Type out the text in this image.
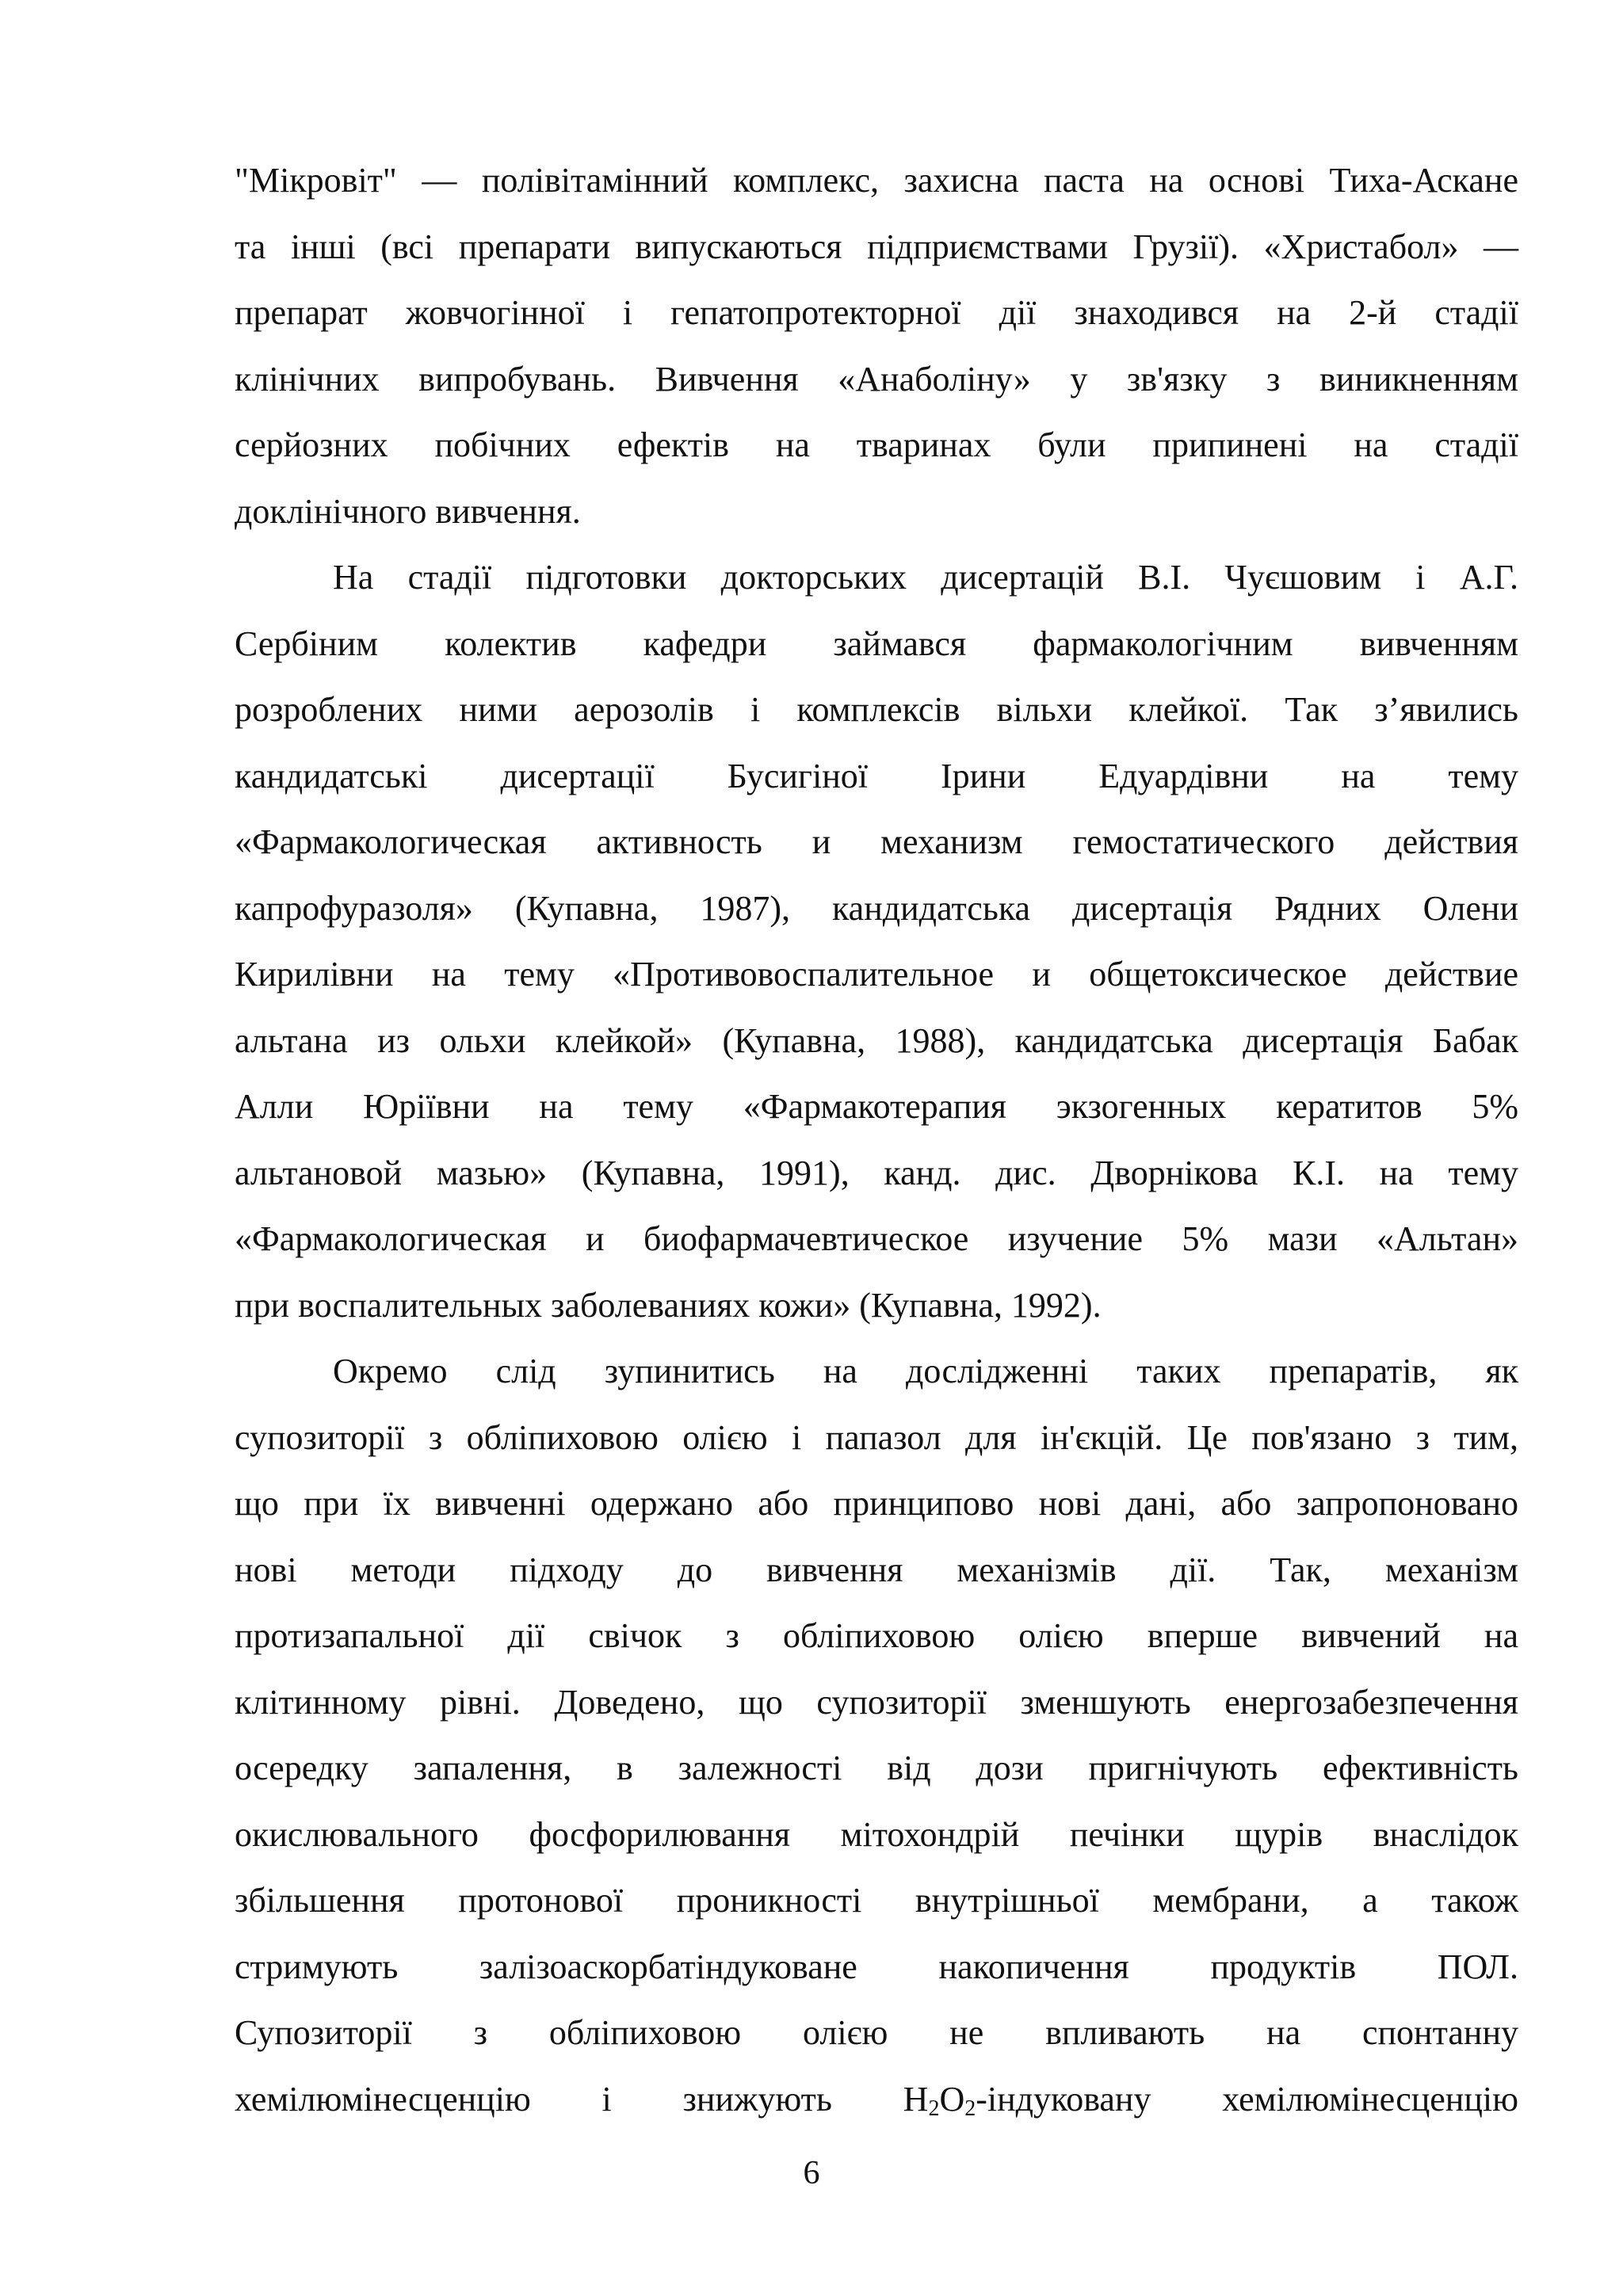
"Мікровіт" — полівітамінний комплекс, захисна паста на основі Тиха-Аскане
та інші (всі препарати випускаються підприємствами Грузії). «Христабол» —
препарат жовчогінної і гепатопротекторної дії знаходився на 2-й стадії
клінічних випробувань. Вивчення «Анаболіну» у зв'язку з виникненням
серйозних побічних ефектів на тваринах були припинені на стадії
доклінічного вивчення.
На стадії підготовки докторських дисертацій В.І. Чуєшовим і А.Г.
Сербіним колектив кафедри займався фармакологічним вивченням
розроблених ними аерозолів і комплексів вільхи клейкої. Так з’явились
кандидатські дисертації Бусигіної Ірини Едуардівни на тему
«Фармакологическая активность и механизм гемостатического действия
капрофуразоля» (Купавна, 1987), кандидатська дисертація Рядних Олени
Кирилівни на тему «Противовоспалительное и общетоксическое действие
альтана из ольхи клейкой» (Купавна, 1988), кандидатська дисертація Бабак
Алли Юріївни на тему «Фармакотерапия экзогенных кератитов 5%
альтановой мазью» (Купавна, 1991), канд. дис. Дворнікова К.І. на тему
«Фармакологическая и биофармачевтическое изучение 5% мази «Альтан»
при воспалительных заболеваниях кожи» (Купавна, 1992).
Окремо слід зупинитись на дослідженні таких препаратів, як
супозиторії з обліпиховою олією і папазол для ін'єкцій. Це пов'язано з тим,
що при їх вивченні одержано або принципово нові дані, або запропоновано
нові методи підходу до вивчення механізмів дії. Так, механізм
протизапальної дії свічок з обліпиховою олією вперше вивчений на
клітинному рівні. Доведено, що супозиторії зменшують енергозабезпечення
осередку запалення, в залежності від дози пригнічують ефективність
окислювального фосфорилювання мітохондрій печінки щурів внаслідок
збільшення протонової проникності внутрішньої мембрани, а також
стримують залізоаскорбатіндуковане накопичення продуктів ПОЛ.
Супозиторії з обліпиховою олією не впливають на спонтанну
хемілюмінесценцію і знижують $H_2O_2$-індуковану хемілюмінесценцію
6
